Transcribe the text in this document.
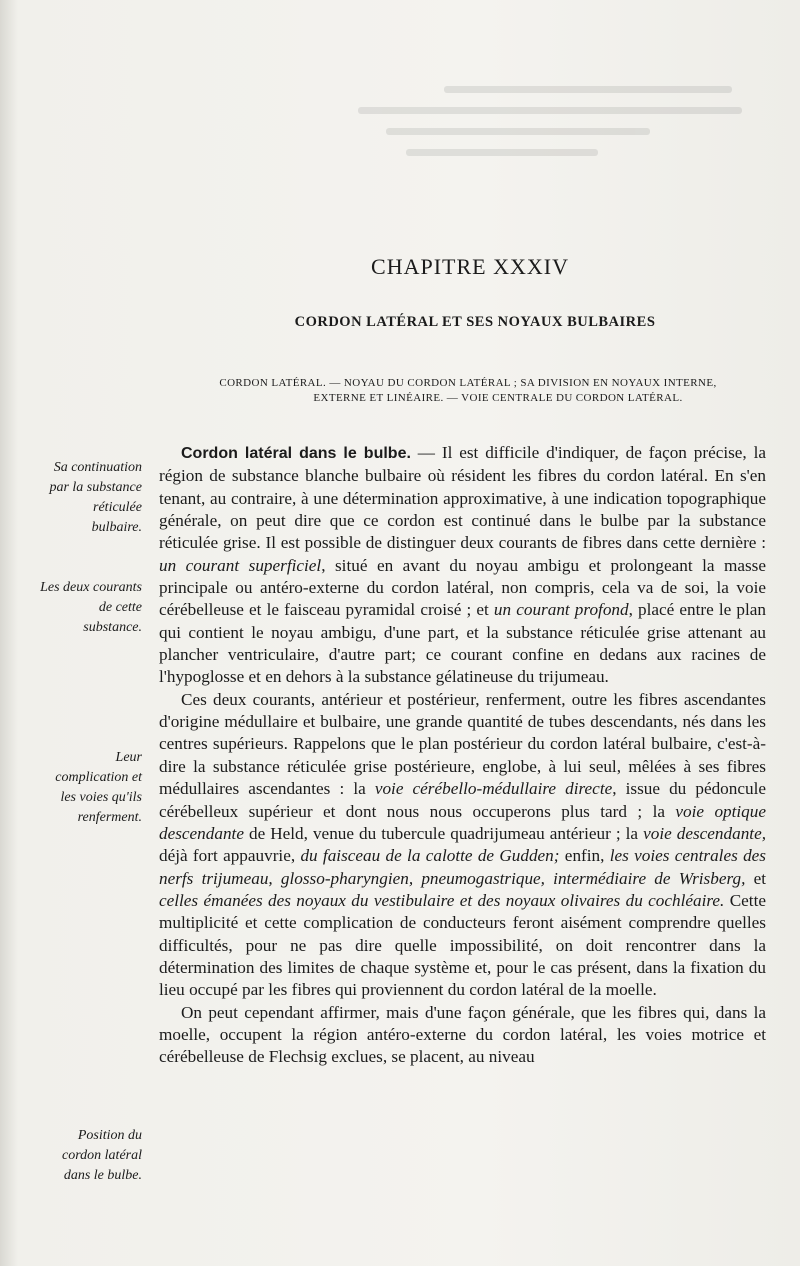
CHAPITRE XXXIV
CORDON LATÉRAL ET SES NOYAUX BULBAIRES

CORDON LATÉRAL. — NOYAU DU CORDON LATÉRAL ; SA DIVISION EN NOYAUX INTERNE,

EXTERNE ET LINÉAIRE. — VOIE CENTRALE DU CORDON LATÉRAL.

Sa continuation par la substance réticulée bulbaire.
Les deux courants de cette substance.
Leur complication et les voies qu'ils renferment.
Position du cordon latéral dans le bulbe.

Cordon latéral dans le bulbe. — Il est difficile d'indiquer, de façon précise, la région de substance blanche bulbaire où résident les fibres du cordon latéral. En s'en tenant, au contraire, à une détermination approximative, à une indication topographique générale, on peut dire que ce cordon est continué dans le bulbe par la substance réticulée grise. Il est possible de distinguer deux courants de fibres dans cette dernière : un courant superficiel, situé en avant du noyau ambigu et prolongeant la masse principale ou antéro-externe du cordon latéral, non compris, cela va de soi, la voie cérébelleuse et le faisceau pyramidal croisé ; et un courant profond, placé entre le plan qui contient le noyau ambigu, d'une part, et la substance réticulée grise attenant au plancher ventriculaire, d'autre part; ce courant confine en dedans aux racines de l'hypoglosse et en dehors à la substance gélatineuse du trijumeau.

Ces deux courants, antérieur et postérieur, renferment, outre les fibres ascendantes d'origine médullaire et bulbaire, une grande quantité de tubes descendants, nés dans les centres supérieurs. Rappelons que le plan postérieur du cordon latéral bulbaire, c'est-à-dire la substance réticulée grise postérieure, englobe, à lui seul, mêlées à ses fibres médullaires ascendantes : la voie cérébello-médullaire directe, issue du pédoncule cérébelleux supérieur et dont nous nous occuperons plus tard ; la voie optique descendante de Held, venue du tubercule quadrijumeau antérieur ; la voie descendante, déjà fort appauvrie, du faisceau de la calotte de Gudden; enfin, les voies centrales des nerfs trijumeau, glosso-pharyngien, pneumogastrique, intermédiaire de Wrisberg, et celles émanées des noyaux du vestibulaire et des noyaux olivaires du cochléaire. Cette multiplicité et cette complication de conducteurs feront aisément comprendre quelles difficultés, pour ne pas dire quelle impossibilité, on doit rencontrer dans la détermination des limites de chaque système et, pour le cas présent, dans la fixation du lieu occupé par les fibres qui proviennent du cordon latéral de la moelle.

On peut cependant affirmer, mais d'une façon générale, que les fibres qui, dans la moelle, occupent la région antéro-externe du cordon latéral, les voies motrice et cérébelleuse de Flechsig exclues, se placent, au niveau
